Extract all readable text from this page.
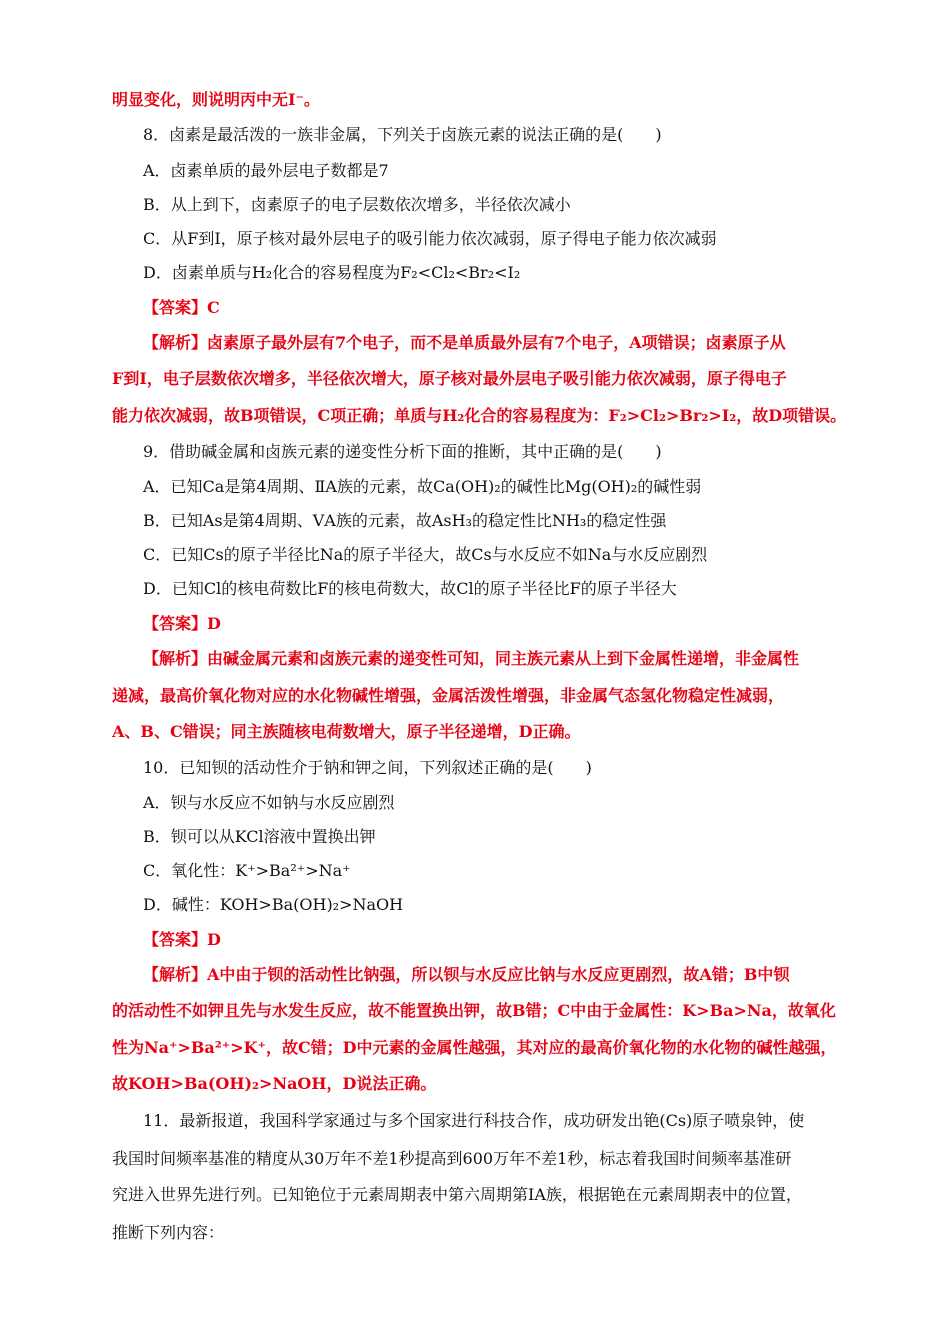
明显变化，则说明丙中无I⁻。
8．卤素是最活泼的一族非金属，下列关于卤族元素的说法正确的是(　　)
A．卤素单质的最外层电子数都是7
B．从上到下，卤素原子的电子层数依次增多，半径依次减小
C．从F到I，原子核对最外层电子的吸引能力依次减弱，原子得电子能力依次减弱
D．卤素单质与H₂化合的容易程度为F₂<Cl₂<Br₂<I₂
【答案】C
【解析】卤素原子最外层有7个电子，而不是单质最外层有7个电子，A项错误；卤素原子从
F到I，电子层数依次增多，半径依次增大，原子核对最外层电子吸引能力依次减弱，原子得电子
能力依次减弱，故B项错误，C项正确；单质与H₂化合的容易程度为：F₂>Cl₂>Br₂>I₂，故D项错误。
9．借助碱金属和卤族元素的递变性分析下面的推断，其中正确的是(　　)
A．已知Ca是第4周期、ⅡA族的元素，故Ca(OH)₂的碱性比Mg(OH)₂的碱性弱
B．已知As是第4周期、ⅤA族的元素，故AsH₃的稳定性比NH₃的稳定性强
C．已知Cs的原子半径比Na的原子半径大，故Cs与水反应不如Na与水反应剧烈
D．已知Cl的核电荷数比F的核电荷数大，故Cl的原子半径比F的原子半径大
【答案】D
【解析】由碱金属元素和卤族元素的递变性可知，同主族元素从上到下金属性递增，非金属性
递减，最高价氧化物对应的水化物碱性增强，金属活泼性增强，非金属气态氢化物稳定性减弱，
A、B、C错误；同主族随核电荷数增大，原子半径递增，D正确。
10．已知钡的活动性介于钠和钾之间，下列叙述正确的是(　　)
A．钡与水反应不如钠与水反应剧烈
B．钡可以从KCl溶液中置换出钾
C．氧化性：K⁺>Ba²⁺>Na⁺
D．碱性：KOH>Ba(OH)₂>NaOH
【答案】D
【解析】A中由于钡的活动性比钠强，所以钡与水反应比钠与水反应更剧烈，故A错；B中钡
的活动性不如钾且先与水发生反应，故不能置换出钾，故B错；C中由于金属性：K>Ba>Na，故氧化
性为Na⁺>Ba²⁺>K⁺，故C错；D中元素的金属性越强，其对应的最高价氧化物的水化物的碱性越强，
故KOH>Ba(OH)₂>NaOH，D说法正确。
11．最新报道，我国科学家通过与多个国家进行科技合作，成功研发出铯(Cs)原子喷泉钟，使
我国时间频率基准的精度从30万年不差1秒提高到600万年不差1秒，标志着我国时间频率基准研
究进入世界先进行列。已知铯位于元素周期表中第六周期第ⅠA族，根据铯在元素周期表中的位置，
推断下列内容：
